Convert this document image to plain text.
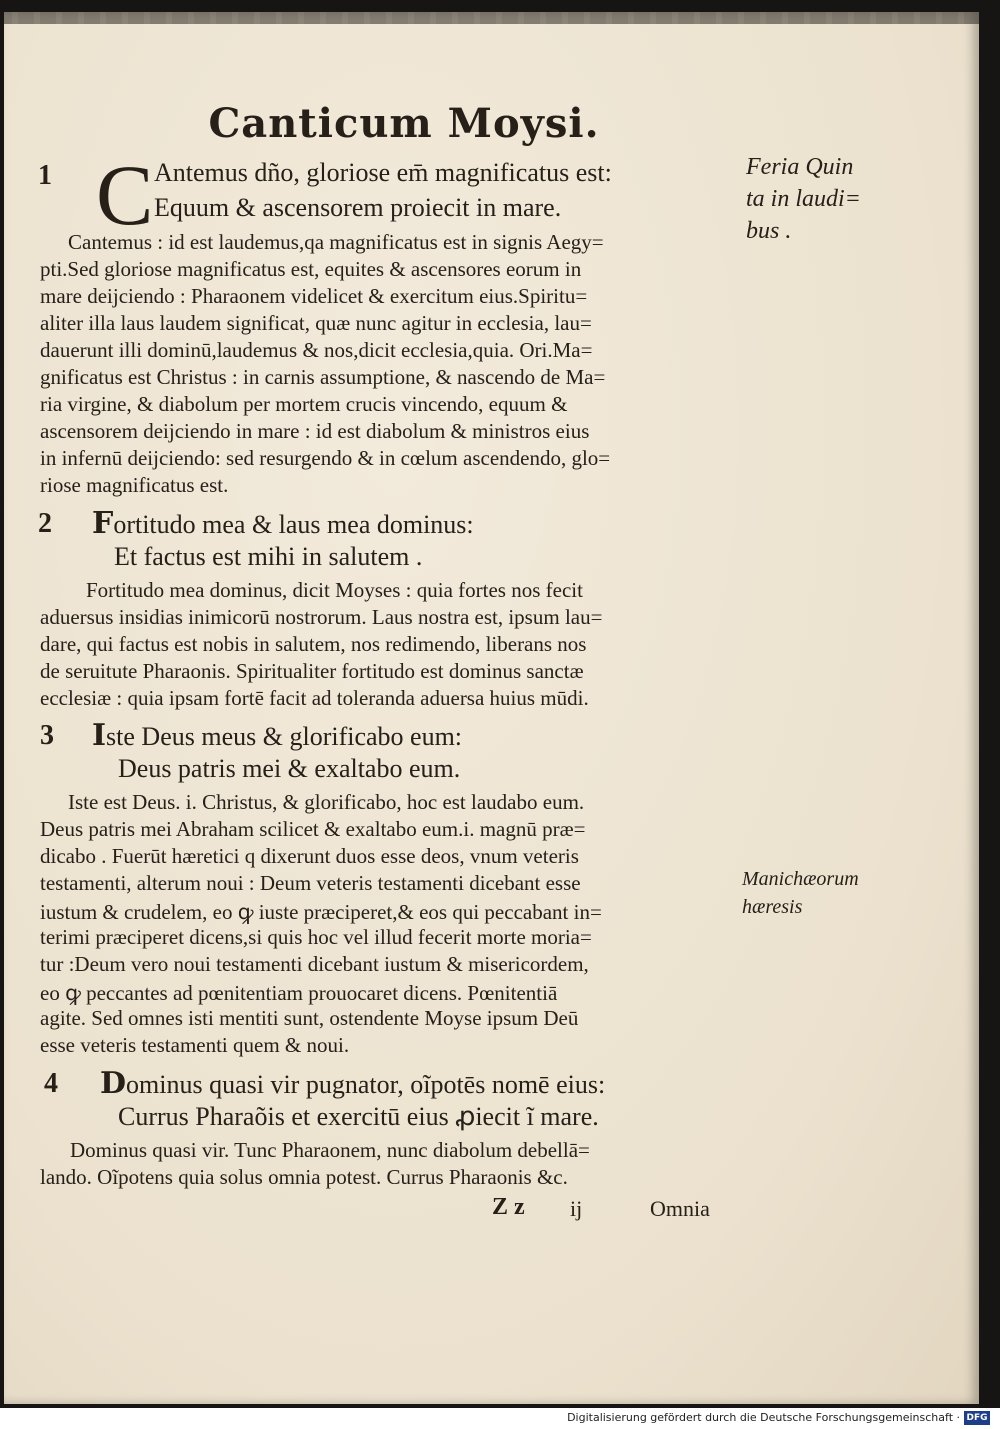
Canticum Moysi.
1 C Antemus dño, gloriose em̄ magnificatus est:
Equum & ascensorem proiecit in mare.
Cantemus : id est laudemus,qa magnificatus est in signis Aegy=
pti.Sed gloriose magnificatus est, equites & ascensores eorum in
mare deijciendo : Pharaonem videlicet & exercitum eius.Spiritu=
aliter illa laus laudem significat, quæ nunc agitur in ecclesia, lau=
dauerunt illi dominū,laudemus & nos,dicit ecclesia,quia. Ori.Ma=
gnificatus est Christus : in carnis assumptione, & nascendo de Ma=
ria virgine, & diabolum per mortem crucis vincendo, equum &
ascensorem deijciendo in mare : id est diabolum & ministros eius
in infernū deijciendo: sed resurgendo & in cœlum ascendendo, glo=
riose magnificatus est.
Feria Quin
ta in laudi=
bus .
2 Fortitudo mea & laus mea dominus:
Et factus est mihi in salutem .
Fortitudo mea dominus, dicit Moyses : quia fortes nos fecit
aduersus insidias inimicorū nostrorum. Laus nostra est, ipsum lau=
dare, qui factus est nobis in salutem, nos redimendo, liberans nos
de seruitute Pharaonis. Spiritualiter fortitudo est dominus sanctæ
ecclesiæ : quia ipsam fortē facit ad toleranda aduersa huius mūdi.
3 Iste Deus meus & glorificabo eum:
Deus patris mei & exaltabo eum.
Iste est Deus. i. Christus, & glorificabo, hoc est laudabo eum.
Deus patris mei Abraham scilicet & exaltabo eum.i. magnū præ=
dicabo . Fuerūt hæretici q dixerunt duos esse deos, vnum veteris
testamenti, alterum noui : Deum veteris testamenti dicebant esse
iustum & crudelem, eo ꝙ iuste præciperet,& eos qui peccabant in=
terimi præciperet dicens,si quis hoc vel illud fecerit morte moria=
tur :Deum vero noui testamenti dicebant iustum & misericordem,
eo ꝙ peccantes ad pœnitentiam prouocaret dicens. Pœnitentiā
agite. Sed omnes isti mentiti sunt, ostendente Moyse ipsum Deū
esse veteris testamenti quem & noui.
Manichæorum
hæresis
4 Dominus quasi vir pugnator, oĩpotēs nomē eius:
Currus Pharaõis et exercitū eius ꝓiecit ĩ mare.
Dominus quasi vir. Tunc Pharaonem, nunc diabolum debellā=
lando. Oĩpotens quia solus omnia potest. Currus Pharaonis &c.
Z z ij	Omnia
Digitalisierung gefördert durch die Deutsche Forschungsgemeinschaft · DFG
